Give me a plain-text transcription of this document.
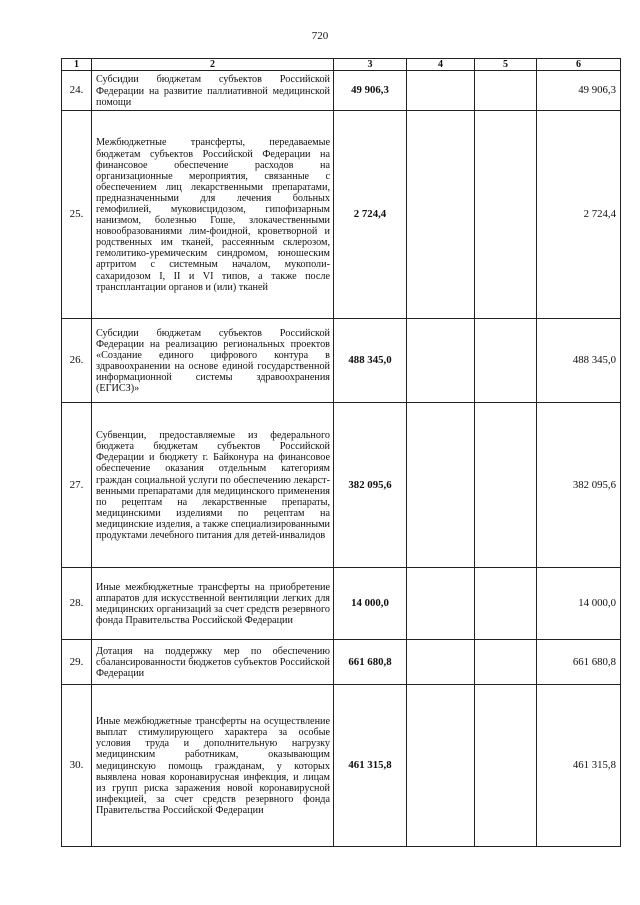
720
1	2	3	4	5	6
24.	Субсидии бюджетам субъектов Российской Федерации на развитие паллиативной медицинской помощи	49 906,3			49 906,3
25.	Межбюджетные трансферты, передаваемые бюджетам субъектов Российской Федерации на финансовое обеспечение расходов на организационные мероприятия, связанные с обеспечением лиц лекарственными препаратами, предназначенными для лечения больных гемофилией, муковисцидозом, гипофизарным нанизмом, болезнью Гоше, злокачественными новообразованиями лим-фоидной, кроветворной и родственных им тканей, рассеянным склерозом, гемолитико-уремическим синдромом, юношеским артритом с системным началом, мукополи-сахаридозом I, II и VI типов, а также после трансплантации органов и (или) тканей	2 724,4			2 724,4
26.	Субсидии бюджетам субъектов Российской Федерации на реализацию региональных проектов «Создание единого цифрового контура в здравоохранении на основе единой государственной информационной системы здравоохранения (ЕГИСЗ)»	488 345,0			488 345,0
27.	Субвенции, предоставляемые из федерального бюджета бюджетам субъектов Российской Федерации и бюджету г. Байконура на финансовое обеспечение оказания отдельным категориям граждан социальной услуги по обеспечению лекарст-венными препаратами для медицинского применения по рецептам на лекарственные препараты, медицинскими изделиями по рецептам на медицинские изделия, а также специализированными продуктами лечебного питания для детей-инвалидов	382 095,6			382 095,6
28.	Иные межбюджетные трансферты на приобретение аппаратов для искусственной вентиляции легких для медицинских организаций за счет средств резервного фонда Правительства Российской Федерации	14 000,0			14 000,0
29.	Дотация на поддержку мер по обеспечению сбалансированности бюджетов субъектов Российской Федерации	661 680,8			661 680,8
30.	Иные межбюджетные трансферты на осуществление выплат стимулирующего характера за особые условия труда и дополнительную нагрузку медицинским работникам, оказывающим медицинскую помощь гражданам, у которых выявлена новая коронавирусная инфекция, и лицам из групп риска заражения новой коронавирусной инфекцией, за счет средств резервного фонда Правительства Российской Федерации	461 315,8			461 315,8
